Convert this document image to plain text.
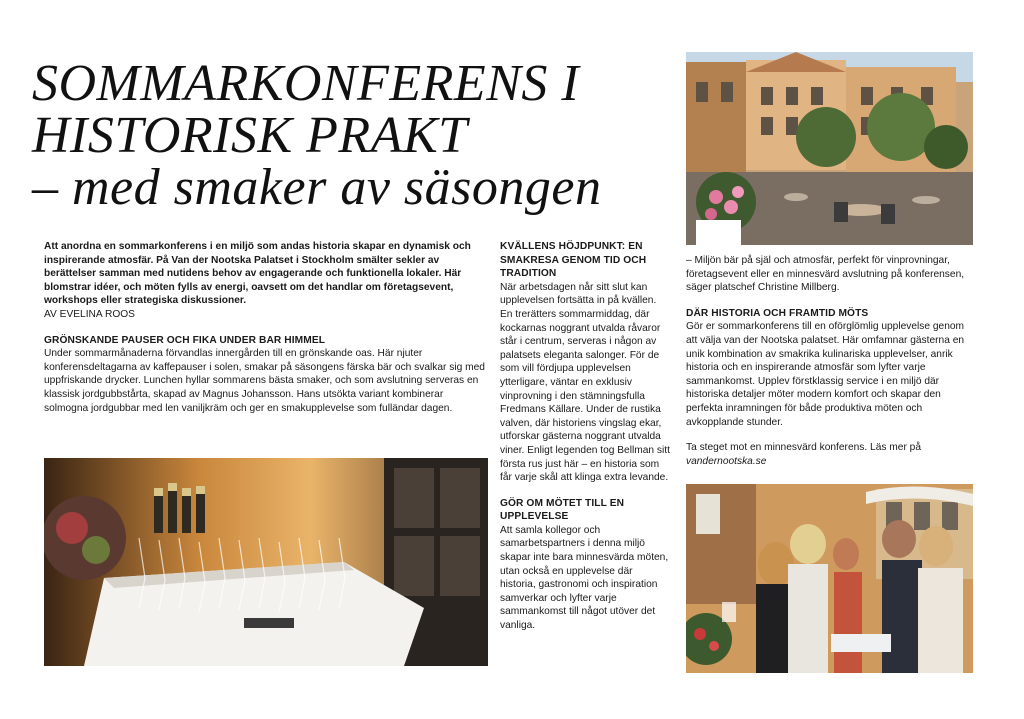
SOMMARKONFERENS I
HISTORISK PRAKT
– med smaker av säsongen

Att anordna en sommarkonferens i en miljö som andas historia skapar en dynamisk och inspirerande atmosfär. På Van der Nootska Palatset i Stockholm smälter sekler av berättelser samman med nutidens behov av engagerande och funktionella lokaler. Här blomstrar idéer, och möten fylls av energi, oavsett om det handlar om företagsevent, workshops eller strategiska diskussioner.

AV EVELINA ROOS

GRÖNSKANDE PAUSER OCH FIKA UNDER BAR HIMMEL

Under sommarmånaderna förvandlas innergården till en grönskande oas. Här njuter konferensdeltagarna av kaffepauser i solen, smakar på säsongens färska bär och svalkar sig med uppfriskande drycker. Lunchen hyllar sommarens bästa smaker, och som avslutning serveras en klassisk jordgubbstårta, skapad av Magnus Johansson. Hans utsökta variant kombinerar solmogna jordgubbar med len vaniljkräm och ger en smakupplevelse som fulländar dagen.

KVÄLLENS HÖJDPUNKT: EN SMAKRESA GENOM TID OCH TRADITION

När arbetsdagen når sitt slut kan upplevelsen fortsätta in på kvällen. En trerätters sommarmiddag, där kockarnas noggrant utvalda råvaror står i centrum, serveras i någon av palatsets eleganta salonger. För de som vill fördjupa upplevelsen ytterligare, väntar en exklusiv vinprovning i den stämningsfulla Fredmans Källare. Under de rustika valven, där historiens vingslag ekar, utforskar gästerna noggrant utvalda viner. Enligt legenden tog Bellman sitt första rus just här – en historia som får varje skål att klinga extra levande.

GÖR OM MÖTET TILL EN UPPLEVELSE

Att samla kollegor och samarbetspartners i denna miljö skapar inte bara minnesvärda möten, utan också en upplevelse där historia, gastronomi och inspiration samverkar och lyfter varje sammankomst till något utöver det vanliga.

– Miljön bär på själ och atmosfär, perfekt för vinprovningar, företagsevent eller en minnesvärd avslutning på konferensen, säger platschef Christine Millberg.

DÄR HISTORIA OCH FRAMTID MÖTS

Gör er sommarkonferens till en oförglömlig upplevelse genom att välja van der Nootska palatset. Här omfamnar gästerna en unik kombination av smakrika kulinariska upplevelser, anrik historia och en inspirerande atmosfär som lyfter varje sammankomst. Upplev förstklassig service i en miljö där historiska detaljer möter modern komfort och skapar den perfekta inramningen för både produktiva möten och avkopplande stunder.

Ta steget mot en minnesvärd konferens. Läs mer på
vandernootska.se
